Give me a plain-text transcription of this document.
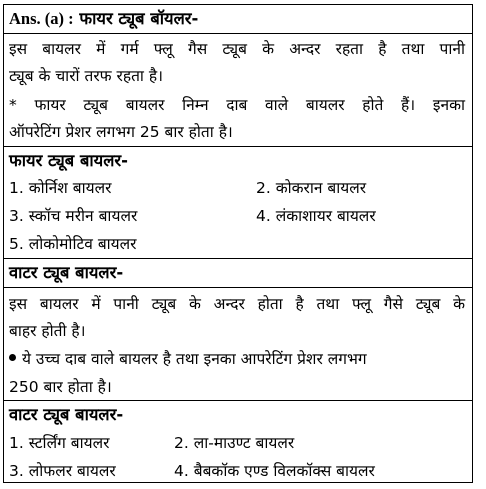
Ans. (a) : फायर ट्यूब बॉयलर-
इस बायलर में गर्म फ्लू गैस ट्यूब के अन्दर रहता है तथा पानी
ट्यूब के चारों तरफ रहता है।
* फायर ट्यूब बायलर निम्न दाब वाले बायलर होते हैं। इनका
ऑपरेटिंग प्रेशर लगभग 25 बार होता है।
फायर ट्यूब बायलर-
1. कोर्निश बायलर	2. कोकरान बायलर
3. स्कॉच मरीन बायलर	4. लंकाशायर बायलर
5. लोकोमोटिव बायलर
वाटर ट्यूब बायलर-
इस बायलर में पानी ट्यूब के अन्दर होता है तथा फ्लू गैसे ट्यूब के
बाहर होती है।
ये उच्च दाब वाले बायलर है तथा इनका आपरेटिंग प्रेशर लगभग
250 बार होता है।
वाटर ट्यूब बायलर-
1. स्टर्लिंग बायलर	2. ला-माउण्ट बायलर
3. लोफलर बायलर	4. बैबकॉक एण्ड विलकॉक्स बायलर
